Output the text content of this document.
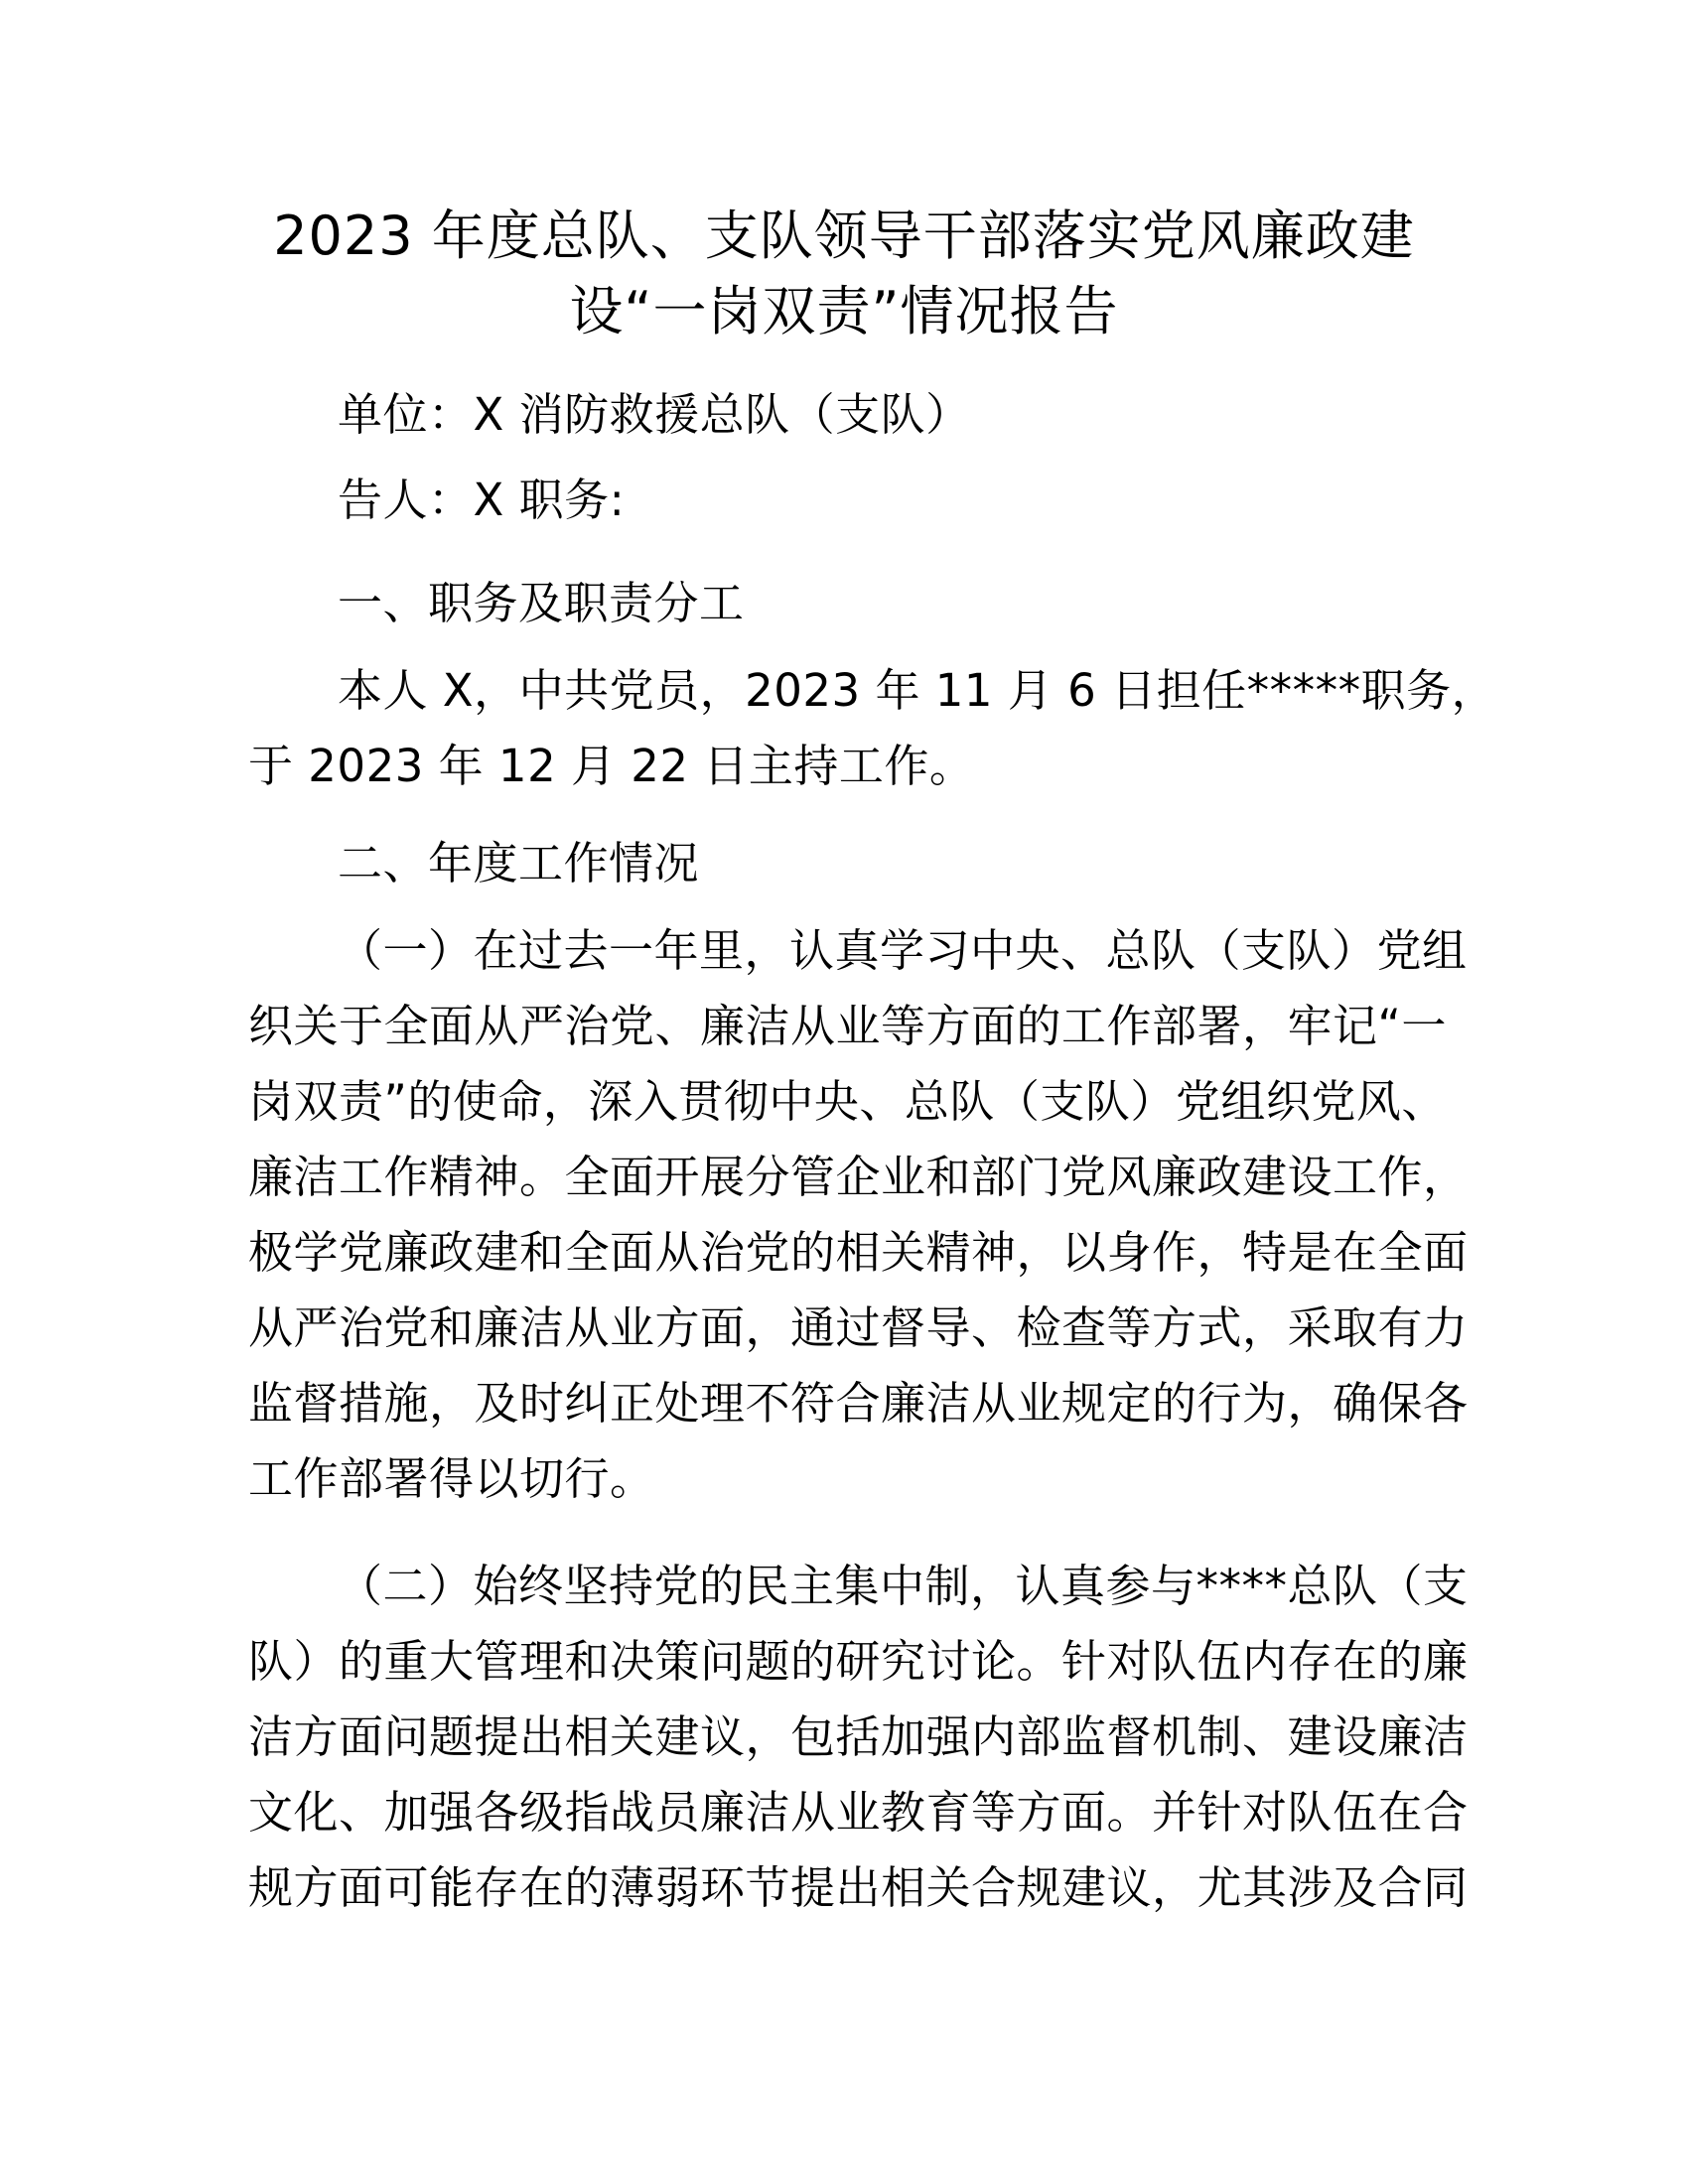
2023 年度总队、支队领导干部落实党风廉政建
设“一岗双责”情况报告

单位：X 消防救援总队（支队）

告人：X 职务:

一、职务及职责分工

本人 X，中共党员，2023 年 11 月 6 日担任*****职务，
于 2023 年 12 月 22 日主持工作。

二、年度工作情况

（一）在过去一年里，认真学习中央、总队（支队）党组
织关于全面从严治党、廉洁从业等方面的工作部署，牢记“一
岗双责”的使命，深入贯彻中央、总队（支队）党组织党风、
廉洁工作精神。全面开展分管企业和部门党风廉政建设工作，
极学党廉政建和全面从治党的相关精神，以身作，特是在全面
从严治党和廉洁从业方面，通过督导、检查等方式，采取有力
监督措施，及时纠正处理不符合廉洁从业规定的行为，确保各
工作部署得以切行。
（二）始终坚持党的民主集中制，认真参与****总队（支
队）的重大管理和决策问题的研究讨论。针对队伍内存在的廉
洁方面问题提出相关建议，包括加强内部监督机制、建设廉洁
文化、加强各级指战员廉洁从业教育等方面。并针对队伍在合
规方面可能存在的薄弱环节提出相关合规建议，尤其涉及合同
